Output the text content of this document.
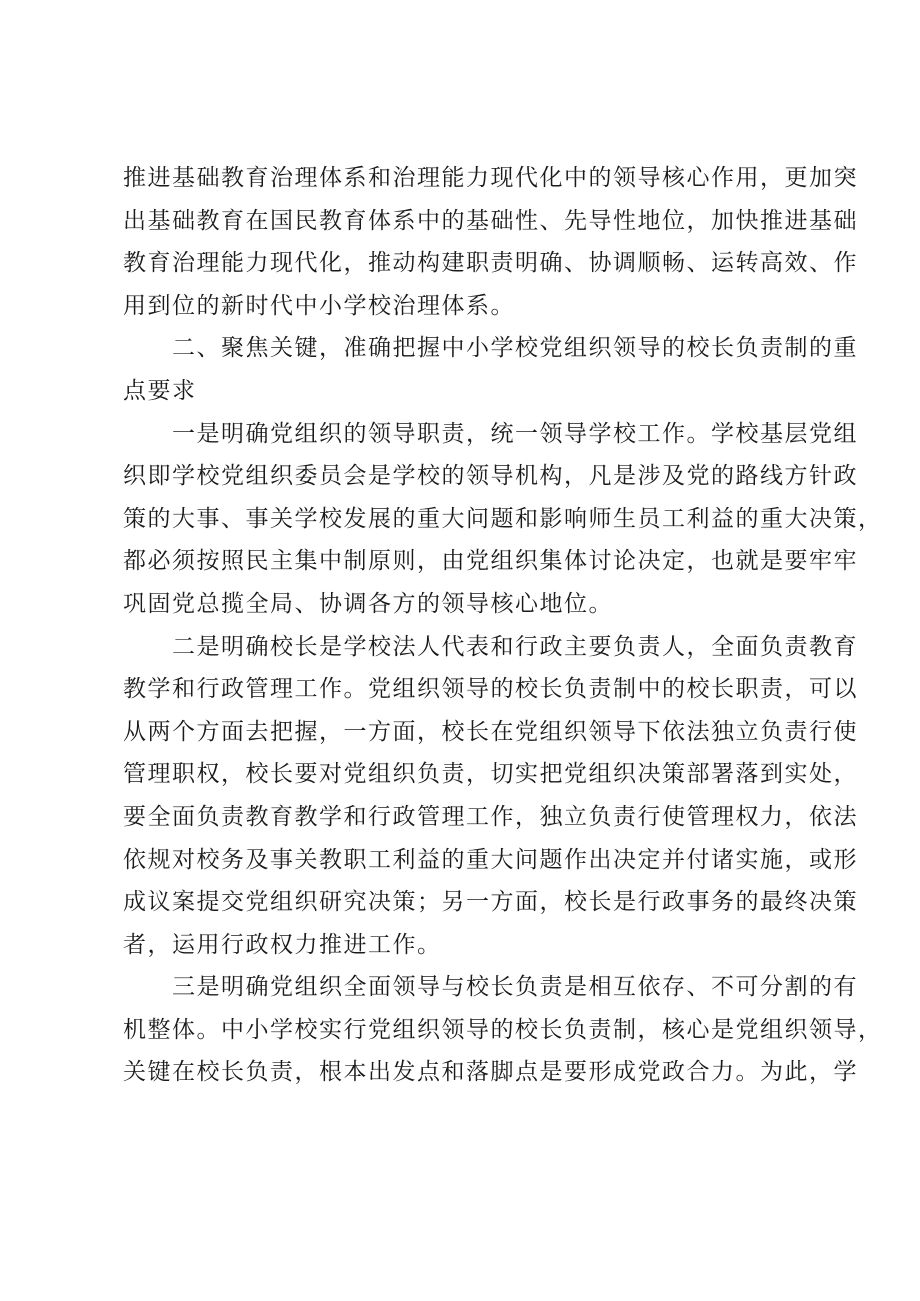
推进基础教育治理体系和治理能力现代化中的领导核心作用，更加突
出基础教育在国民教育体系中的基础性、先导性地位，加快推进基础
教育治理能力现代化，推动构建职责明确、协调顺畅、运转高效、作
用到位的新时代中小学校治理体系。
二、聚焦关键，准确把握中小学校党组织领导的校长负责制的重
点要求
一是明确党组织的领导职责，统一领导学校工作。学校基层党组
织即学校党组织委员会是学校的领导机构，凡是涉及党的路线方针政
策的大事、事关学校发展的重大问题和影响师生员工利益的重大决策，
都必须按照民主集中制原则，由党组织集体讨论决定，也就是要牢牢
巩固党总揽全局、协调各方的领导核心地位。
二是明确校长是学校法人代表和行政主要负责人，全面负责教育
教学和行政管理工作。党组织领导的校长负责制中的校长职责，可以
从两个方面去把握，一方面，校长在党组织领导下依法独立负责行使
管理职权，校长要对党组织负责，切实把党组织决策部署落到实处，
要全面负责教育教学和行政管理工作，独立负责行使管理权力，依法
依规对校务及事关教职工利益的重大问题作出决定并付诸实施，或形
成议案提交党组织研究决策；另一方面，校长是行政事务的最终决策
者，运用行政权力推进工作。
三是明确党组织全面领导与校长负责是相互依存、不可分割的有
机整体。中小学校实行党组织领导的校长负责制，核心是党组织领导，
关键在校长负责，根本出发点和落脚点是要形成党政合力。为此，学
